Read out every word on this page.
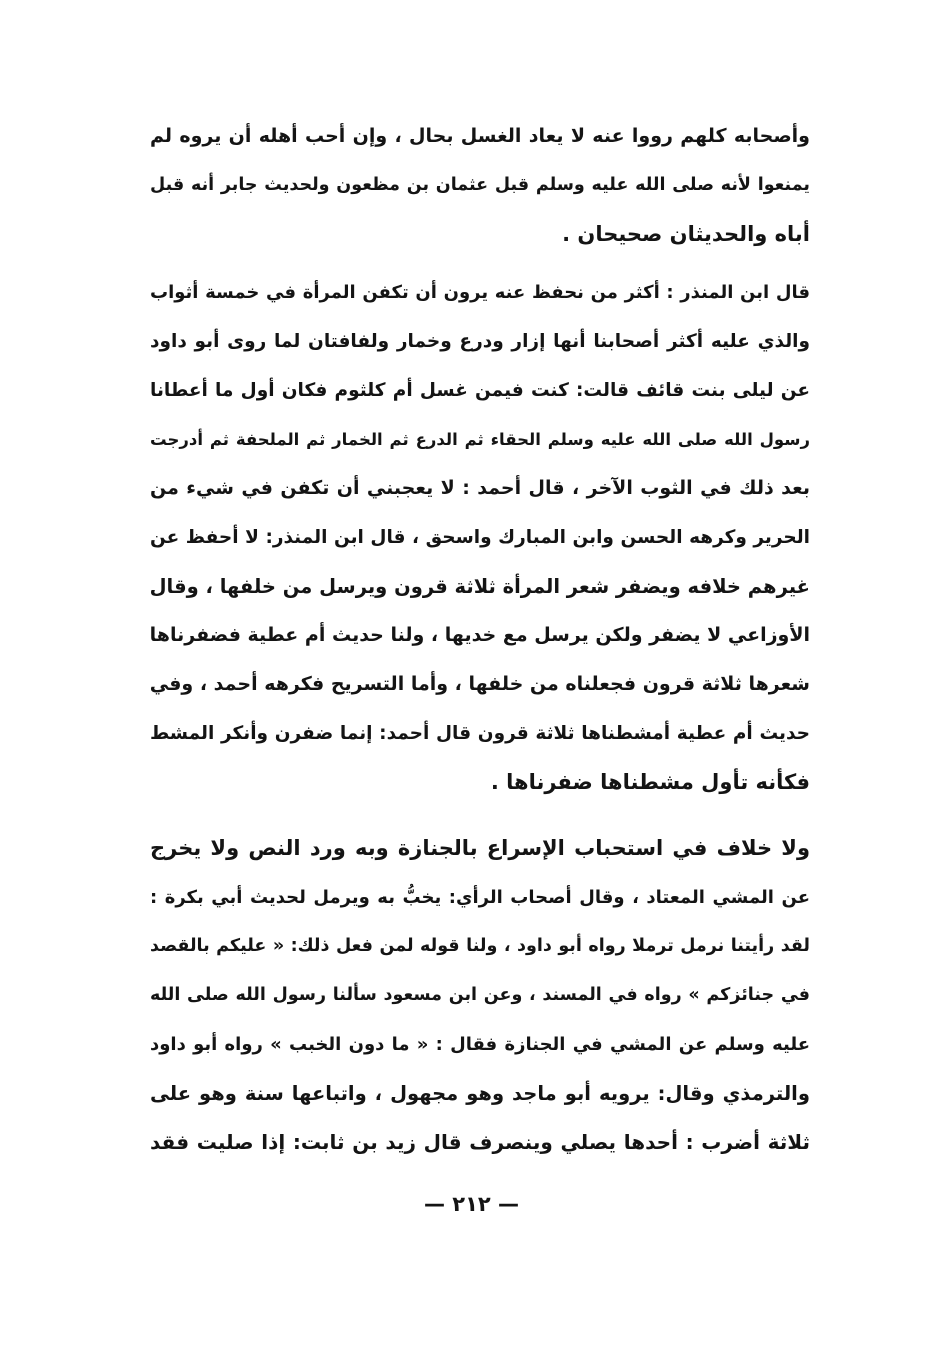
وأصحابه كلهم رووا عنه لا يعاد الغسل بحال ، وإن أحب أهله أن يروه لم
يمنعوا لأنه صلى الله عليه وسلم قبل عثمان بن مظعون ولحديث جابر أنه قبل
أباه والحديثان صحيحان .
قال ابن المنذر : أكثر من نحفظ عنه يرون أن تكفن المرأة في خمسة أثواب
والذي عليه أكثر أصحابنا أنها إزار ودرع وخمار ولفافتان لما روى أبو داود
عن ليلى بنت قائف قالت: كنت فيمن غسل أم كلثوم فكان أول ما أعطانا
رسول الله صلى الله عليه وسلم الحقاء ثم الدرع ثم الخمار ثم الملحفة ثم أدرجت
بعد ذلك في الثوب الآخر ، قال أحمد : لا يعجبني أن تكفن في شيء من
الحرير وكرهه الحسن وابن المبارك واسحق ، قال ابن المنذر: لا أحفظ عن
غيرهم خلافه ويضفر شعر المرأة ثلاثة قرون ويرسل من خلفها ، وقال
الأوزاعي لا يضفر ولكن يرسل مع خديها ، ولنا حديث أم عطية فضفرناها
شعرها ثلاثة قرون فجعلناه من خلفها ، وأما التسريح فكرهه أحمد ، وفي
حديث أم عطية أمشطناها ثلاثة قرون قال أحمد: إنما ضفرن وأنكر المشط
فكأنه تأول مشطناها ضفرناها .
ولا خلاف في استحباب الإسراع بالجنازة وبه ورد النص ولا يخرج
عن المشي المعتاد ، وقال أصحاب الرأي: يخبُّ به ويرمل لحديث أبي بكرة :
لقد رأيتنا نرمل ترملا رواه أبو داود ، ولنا قوله لمن فعل ذلك: « عليكم بالقصد
في جنائزكم » رواه في المسند ، وعن ابن مسعود سألنا رسول الله صلى الله
عليه وسلم عن المشي في الجنازة فقال : « ما دون الخبب » رواه أبو داود
والترمذي وقال: يرويه أبو ماجد وهو مجهول ، واتباعها سنة وهو على
ثلاثة أضرب : أحدها يصلي وينصرف قال زيد بن ثابت: إذا صليت فقد
— ٢١٢ —
